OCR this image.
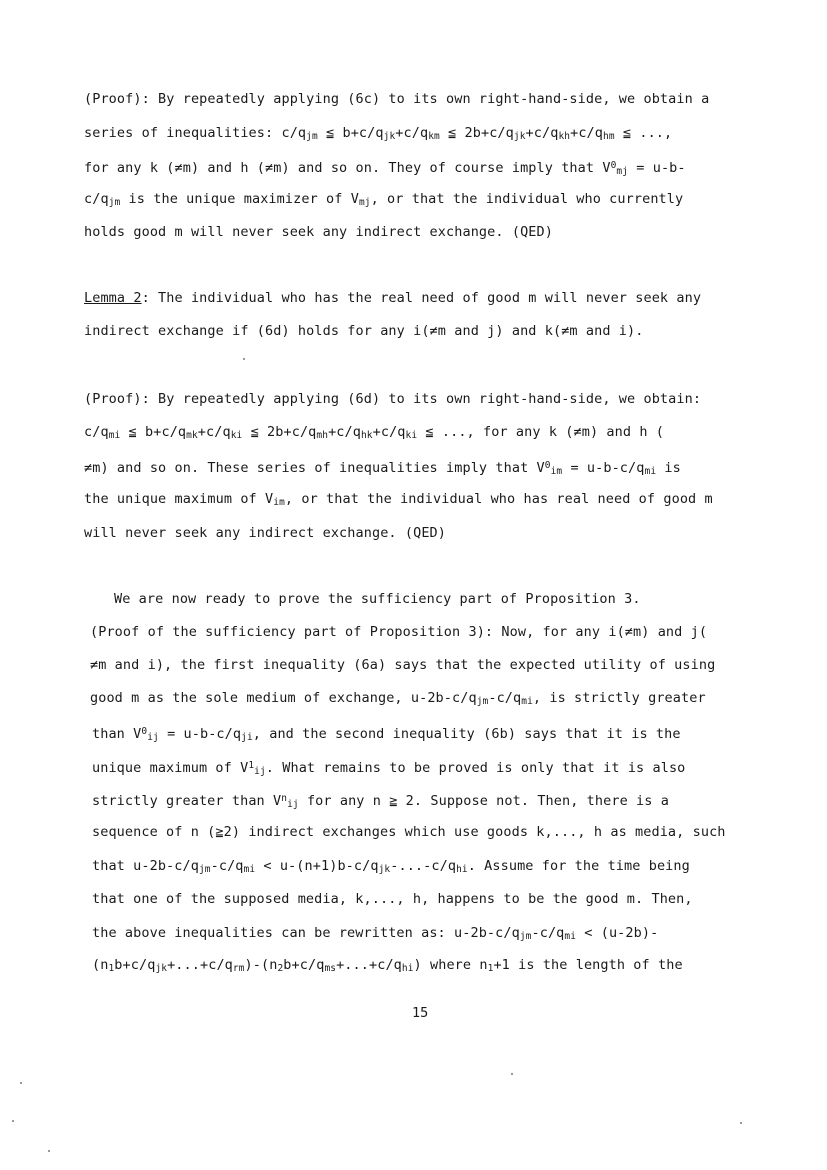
(Proof): By repeatedly applying (6c) to its own right-hand-side, we obtain a
series of inequalities: $c/q_{jm}$ ≦ $b+c/q_{jk}+c/q_{km}$ ≦ $2b+c/q_{jk}+c/q_{kh}+c/q_{hm}$ ≦ ...,
for any k (≠m) and h (≠m) and so on. They of course imply that $V^0_{mj} = u-b-$
$c/q_{jm}$ is the unique maximizer of $V_{mj}$, or that the individual who currently
holds good m will never seek any indirect exchange. (QED)
Lemma 2: The individual who has the real need of good m will never seek any
indirect exchange if (6d) holds for any i(≠m and j) and k(≠m and i).
(Proof): By repeatedly applying (6d) to its own right-hand-side, we obtain:
$c/q_{mi}$ ≦ $b+c/q_{mk}+c/q_{ki}$ ≦ $2b+c/q_{mh}+c/q_{hk}+c/q_{ki}$ ≦ ..., for any k (≠m) and h (
≠m) and so on. These series of inequalities imply that $V^0_{im} = u-b-c/q_{mi}$ is
the unique maximum of $V_{im}$, or that the individual who has real need of good m
will never seek any indirect exchange. (QED)
We are now ready to prove the sufficiency part of Proposition 3.
(Proof of the sufficiency part of Proposition 3): Now, for any i(≠m) and j(
≠m and i), the first inequality (6a) says that the expected utility of using
good m as the sole medium of exchange, $u-2b-c/q_{jm}-c/q_{mi}$, is strictly greater
than $V^0_{ij} = u-b-c/q_{ji}$, and the second inequality (6b) says that it is the
unique maximum of $V^1_{ij}$. What remains to be proved is only that it is also
strictly greater than $V^n_{ij}$ for any n ≧ 2. Suppose not. Then, there is a
sequence of n (≧2) indirect exchanges which use goods k,..., h as media, such
that $u-2b-c/q_{jm}-c/q_{mi} < u-(n+1)b-c/q_{jk}-...-c/q_{hi}$. Assume for the time being
that one of the supposed media, k,..., h, happens to be the good m. Then,
the above inequalities can be rewritten as: $u-2b-c/q_{jm}-c/q_{mi} < (u-2b)-$
$(n_1b+c/q_{jk}+...+c/q_{rm})-(n_2b+c/q_{ms}+...+c/q_{hi})$ where $n_1+1$ is the length of the
15
